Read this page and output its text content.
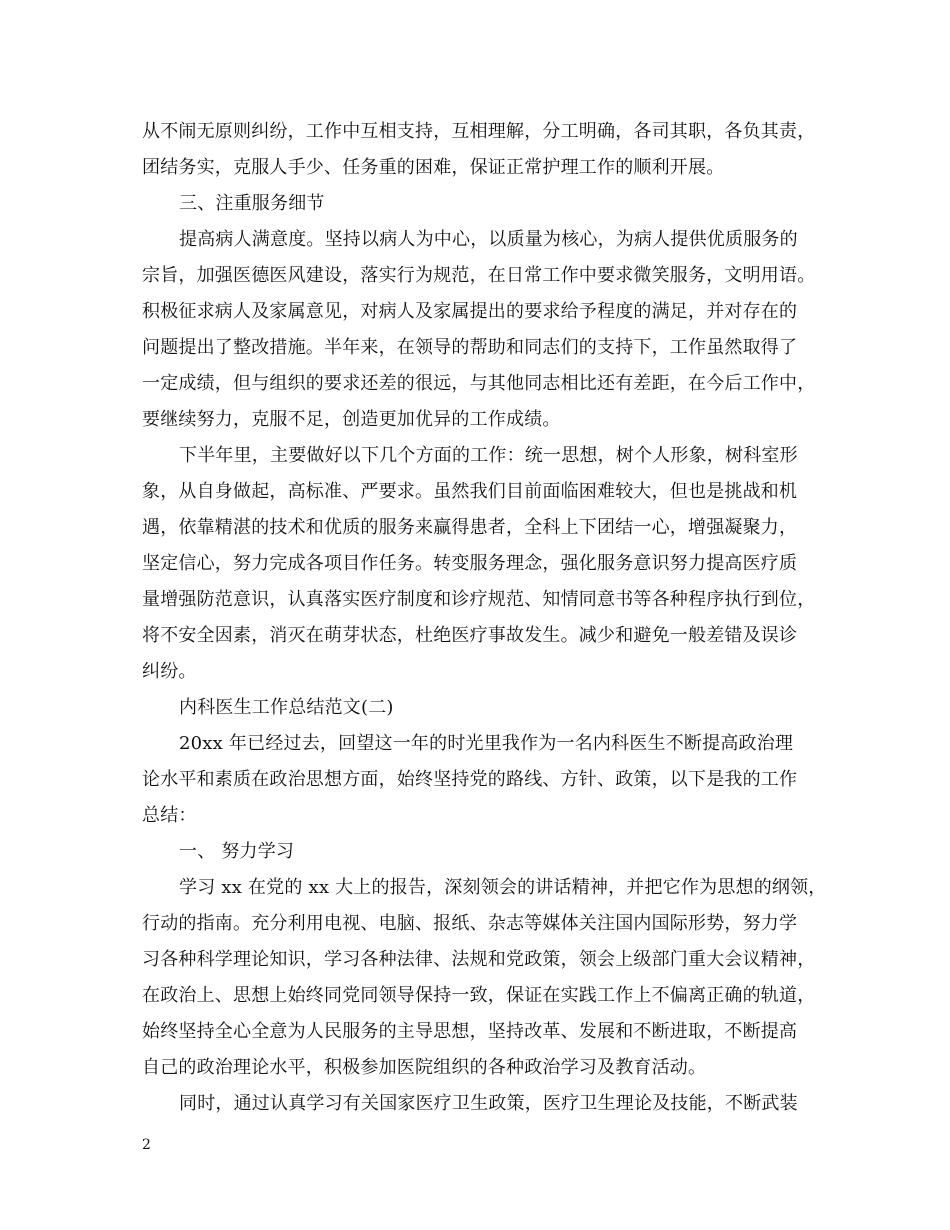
从不闹无原则纠纷，工作中互相支持，互相理解，分工明确，各司其职，各负其责，
团结务实，克服人手少、任务重的困难，保证正常护理工作的顺利开展。
三、注重服务细节
提高病人满意度。坚持以病人为中心，以质量为核心，为病人提供优质服务的
宗旨，加强医德医风建设，落实行为规范，在日常工作中要求微笑服务，文明用语。
积极征求病人及家属意见，对病人及家属提出的要求给予程度的满足，并对存在的
问题提出了整改措施。半年来，在领导的帮助和同志们的支持下，工作虽然取得了
一定成绩，但与组织的要求还差的很远，与其他同志相比还有差距，在今后工作中，
要继续努力，克服不足，创造更加优异的工作成绩。
下半年里，主要做好以下几个方面的工作：统一思想，树个人形象，树科室形
象，从自身做起，高标准、严要求。虽然我们目前面临困难较大，但也是挑战和机
遇，依靠精湛的技术和优质的服务来赢得患者，全科上下团结一心，增强凝聚力，
坚定信心，努力完成各项目作任务。转变服务理念，强化服务意识努力提高医疗质
量增强防范意识，认真落实医疗制度和诊疗规范、知情同意书等各种程序执行到位，
将不安全因素，消灭在萌芽状态，杜绝医疗事故发生。减少和避免一般差错及误诊
纠纷。
内科医生工作总结范文(二)
20xx 年已经过去，回望这一年的时光里我作为一名内科医生不断提高政治理
论水平和素质在政治思想方面，始终坚持党的路线、方针、政策，以下是我的工作
总结：
一、 努力学习
学习 xx 在党的 xx 大上的报告，深刻领会的讲话精神，并把它作为思想的纲领，
行动的指南。充分利用电视、电脑、报纸、杂志等媒体关注国内国际形势，努力学
习各种科学理论知识，学习各种法律、法规和党政策，领会上级部门重大会议精神，
在政治上、思想上始终同党同领导保持一致，保证在实践工作上不偏离正确的轨道，
始终坚持全心全意为人民服务的主导思想，坚持改革、发展和不断进取，不断提高
自己的政治理论水平，积极参加医院组织的各种政治学习及教育活动。
同时，通过认真学习有关国家医疗卫生政策，医疗卫生理论及技能，不断武装
2
